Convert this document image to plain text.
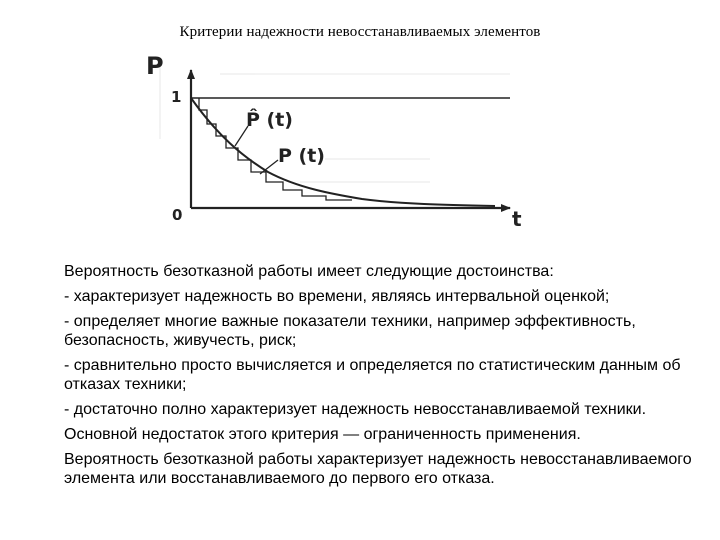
Критерии надежности невосстанавливаемых элементов
P
t
1
0
P̂ (t)
P (t)

Вероятность безотказной работы имеет следующие достоинства:

- характеризует надежность во времени, являясь интервальной оценкой;

- определяет многие важные показатели техники, например эффективность, безопасность, живучесть, риск;

- сравнительно просто вычисляется и определяется по статистическим данным об отказах техники;

- достаточно полно характеризует надежность невосстанавливаемой техники.

Основной недостаток этого критерия — ограниченность применения.

Вероятность безотказной работы характеризует надежность невосстанавливаемого элемента или восстанавливаемого до первого его отказа.
